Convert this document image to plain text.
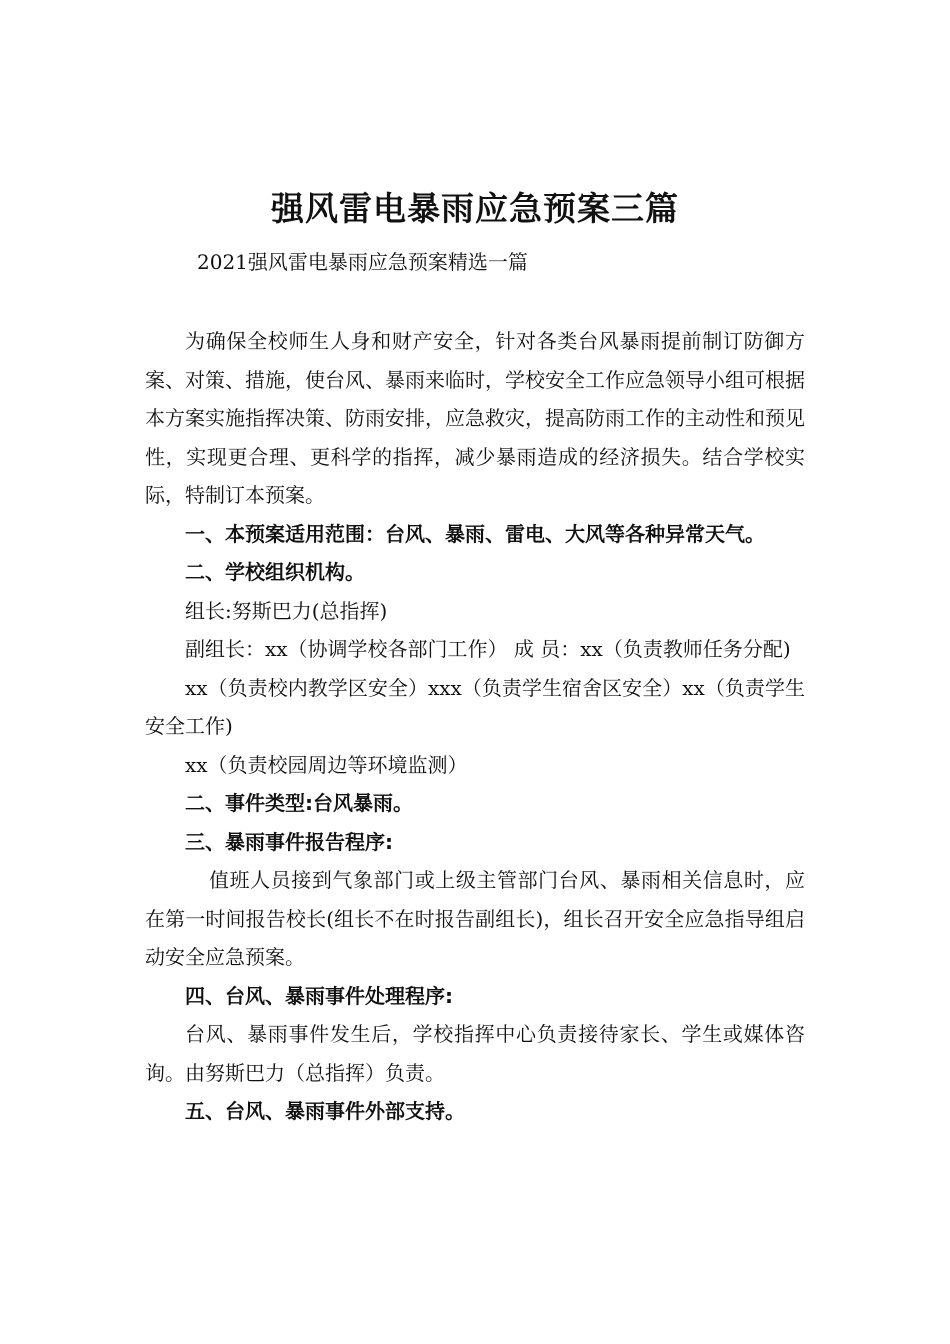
强风雷电暴雨应急预案三篇

2021强风雷电暴雨应急预案精选一篇

为确保全校师生人身和财产安全，针对各类台风暴雨提前制订防御方案、对策、措施，使台风、暴雨来临时，学校安全工作应急领导小组可根据本方案实施指挥决策、防雨安排，应急救灾，提高防雨工作的主动性和预见性，实现更合理、更科学的指挥，减少暴雨造成的经济损失。结合学校实际，特制订本预案。

一、本预案适用范围：台风、暴雨、雷电、大风等各种异常天气。

二、学校组织机构。

组长:努斯巴力(总指挥)

副组长：xx（协调学校各部门工作） 成 员：xx（负责教师任务分配)

xx（负责校内教学区安全）xxx（负责学生宿舍区安全）xx（负责学生安全工作)

xx（负责校园周边等环境监测）

二、事件类型:台风暴雨。

三、暴雨事件报告程序:

值班人员接到气象部门或上级主管部门台风、暴雨相关信息时，应在第一时间报告校长(组长不在时报告副组长)，组长召开安全应急指导组启动安全应急预案。

四、台风、暴雨事件处理程序:

台风、暴雨事件发生后，学校指挥中心负责接待家长、学生或媒体咨询。由努斯巴力（总指挥）负责。

五、台风、暴雨事件外部支持。
